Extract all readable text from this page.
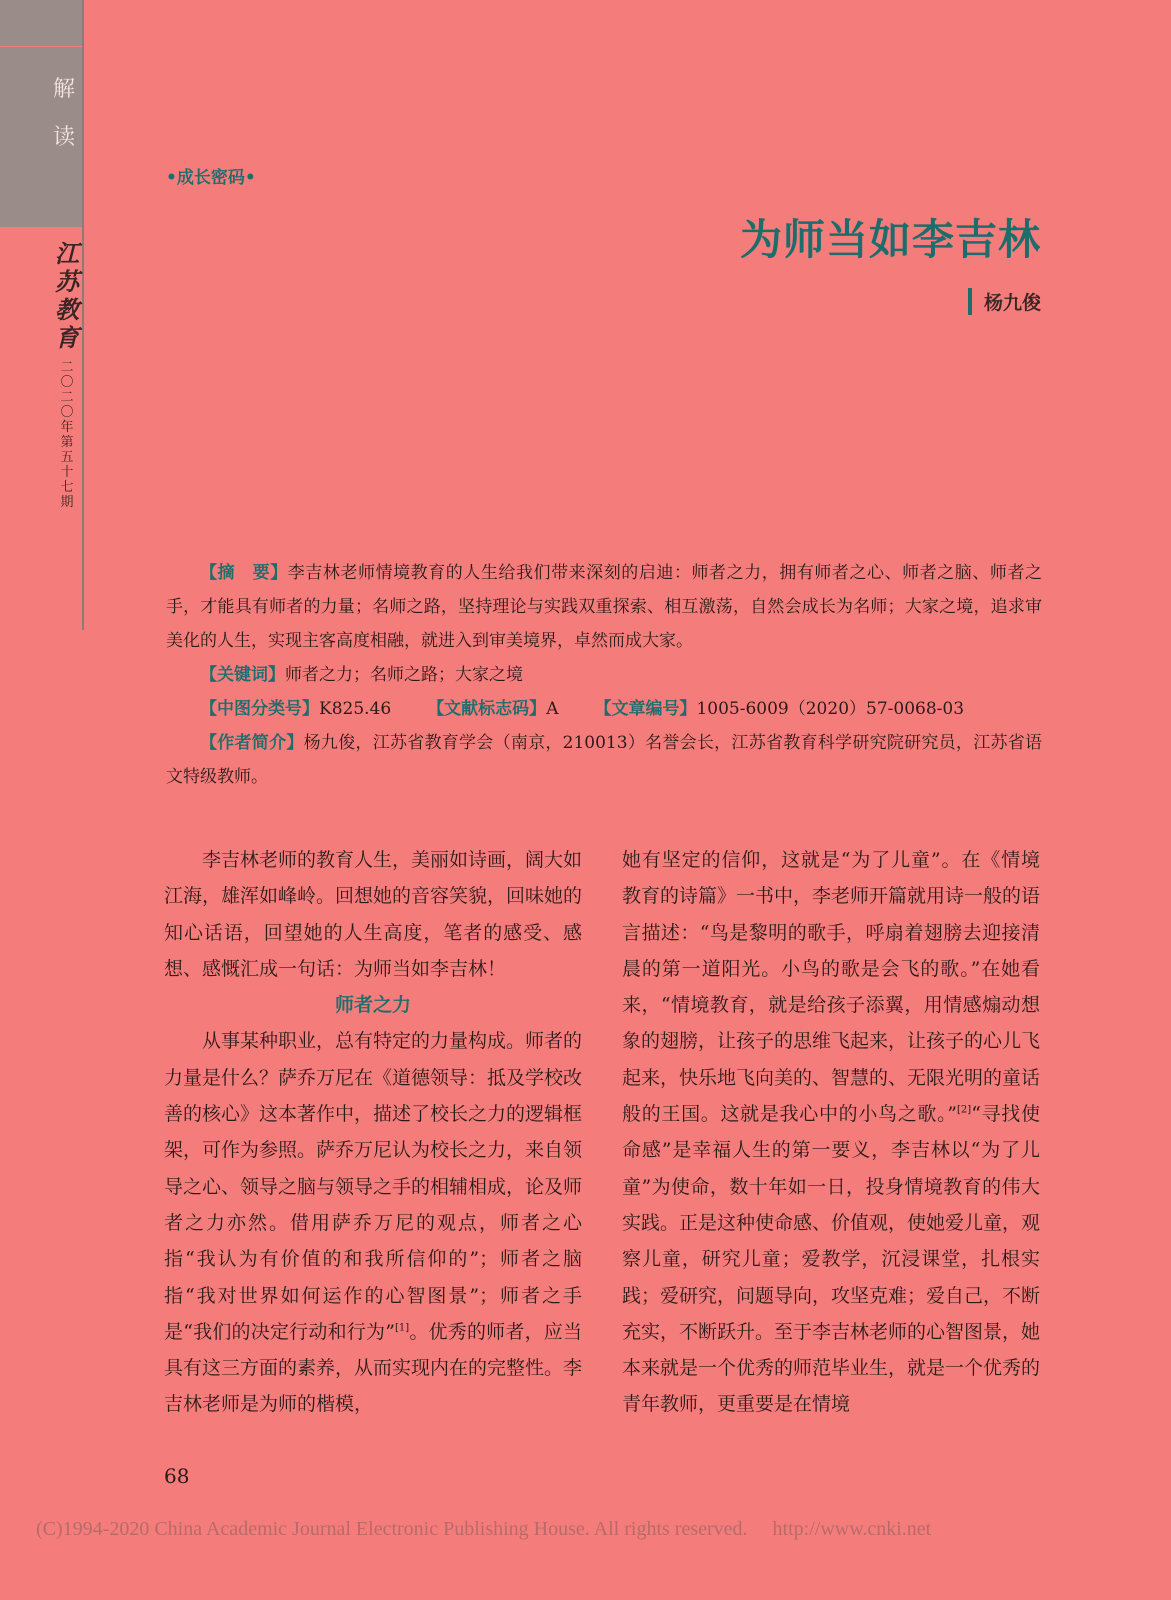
解
读
江苏教育
二〇二〇年第五十七期
•成长密码•
为师当如李吉林
杨九俊

【摘　要】李吉林老师情境教育的人生给我们带来深刻的启迪：师者之力，拥有师者之心、师者之脑、师者之手，才能具有师者的力量；名师之路，坚持理论与实践双重探索、相互激荡，自然会成长为名师；大家之境，追求审美化的人生，实现主客高度相融，就进入到审美境界，卓然而成大家。

【关键词】师者之力；名师之路；大家之境

【中图分类号】K825.46 【文献标志码】A 【文章编号】1005-6009（2020）57-0068-03

【作者简介】杨九俊，江苏省教育学会（南京，210013）名誉会长，江苏省教育科学研究院研究员，江苏省语文特级教师。

李吉林老师的教育人生，美丽如诗画，阔大如江海，雄浑如峰岭。回想她的音容笑貌，回味她的知心话语，回望她的人生高度，笔者的感受、感想、感慨汇成一句话：为师当如李吉林！

师者之力

从事某种职业，总有特定的力量构成。师者的力量是什么？萨乔万尼在《道德领导：抵及学校改善的核心》这本著作中，描述了校长之力的逻辑框架，可作为参照。萨乔万尼认为校长之力，来自领导之心、领导之脑与领导之手的相辅相成，论及师者之力亦然。借用萨乔万尼的观点，师者之心指“我认为有价值的和我所信仰的”；师者之脑指“我对世界如何运作的心智图景”；师者之手是“我们的决定行动和行为”[1]。优秀的师者，应当具有这三方面的素养，从而实现内在的完整性。李吉林老师是为师的楷模，

她有坚定的信仰，这就是“为了儿童”。在《情境教育的诗篇》一书中，李老师开篇就用诗一般的语言描述：“鸟是黎明的歌手，呼扇着翅膀去迎接清晨的第一道阳光。小鸟的歌是会飞的歌。”在她看来，“情境教育，就是给孩子添翼，用情感煽动想象的翅膀，让孩子的思维飞起来，让孩子的心儿飞起来，快乐地飞向美的、智慧的、无限光明的童话般的王国。这就是我心中的小鸟之歌。”[2]“寻找使命感”是幸福人生的第一要义，李吉林以“为了儿童”为使命，数十年如一日，投身情境教育的伟大实践。正是这种使命感、价值观，使她爱儿童，观察儿童，研究儿童；爱教学，沉浸课堂，扎根实践；爱研究，问题导向，攻坚克难；爱自己，不断充实，不断跃升。至于李吉林老师的心智图景，她本来就是一个优秀的师范毕业生，就是一个优秀的青年教师，更重要是在情境

68
(C)1994-2020 China Academic Journal Electronic Publishing House. All rights reserved.　 http://www.cnki.net
